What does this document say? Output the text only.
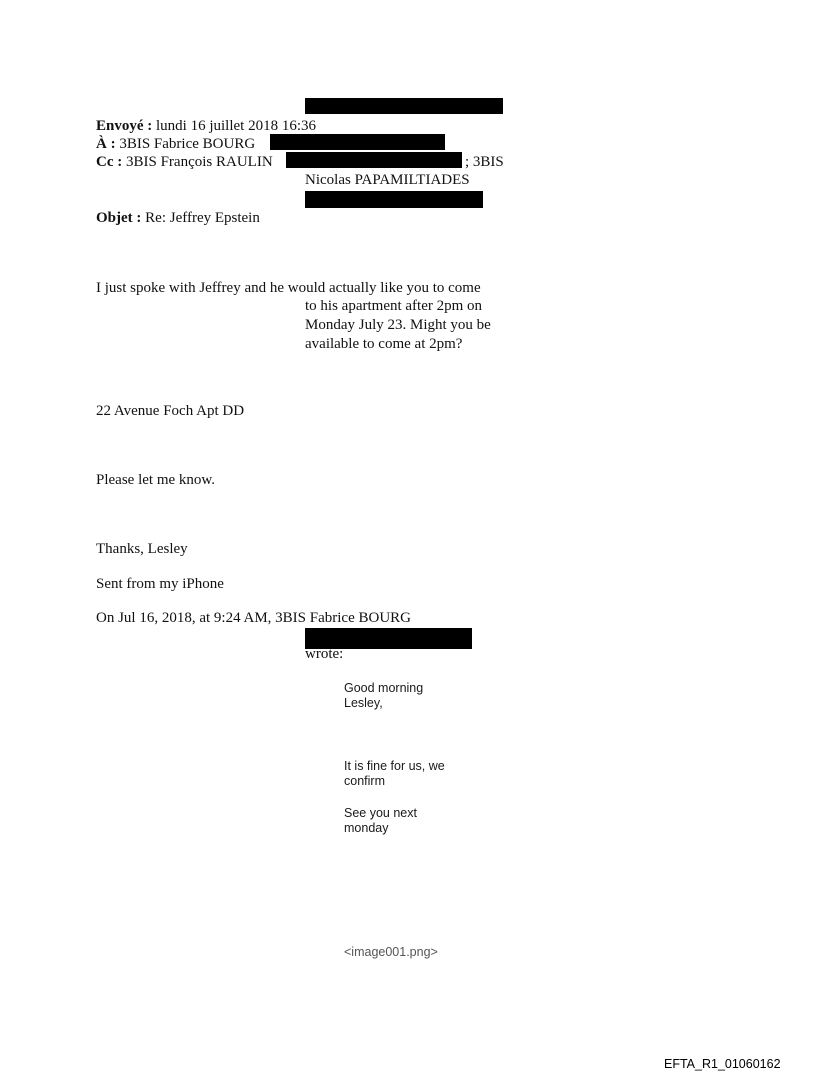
Envoyé : lundi 16 juillet 2018 16:36
À : 3BIS Fabrice BOURG
Cc : 3BIS François RAULIN	; 3BIS
Nicolas PAPAMILTIADES
Objet : Re: Jeffrey Epstein
I just spoke with Jeffrey and he would actually like you to come
to his apartment after 2pm on
Monday July 23. Might you be
available to come at 2pm?
22 Avenue Foch Apt DD
Please let me know.
Thanks, Lesley
Sent from my iPhone
On Jul 16, 2018, at 9:24 AM, 3BIS Fabrice BOURG
wrote:
Good morning
Lesley,
It is fine for us, we
confirm
See you next
monday
<image001.png>
EFTA_R1_01060162
